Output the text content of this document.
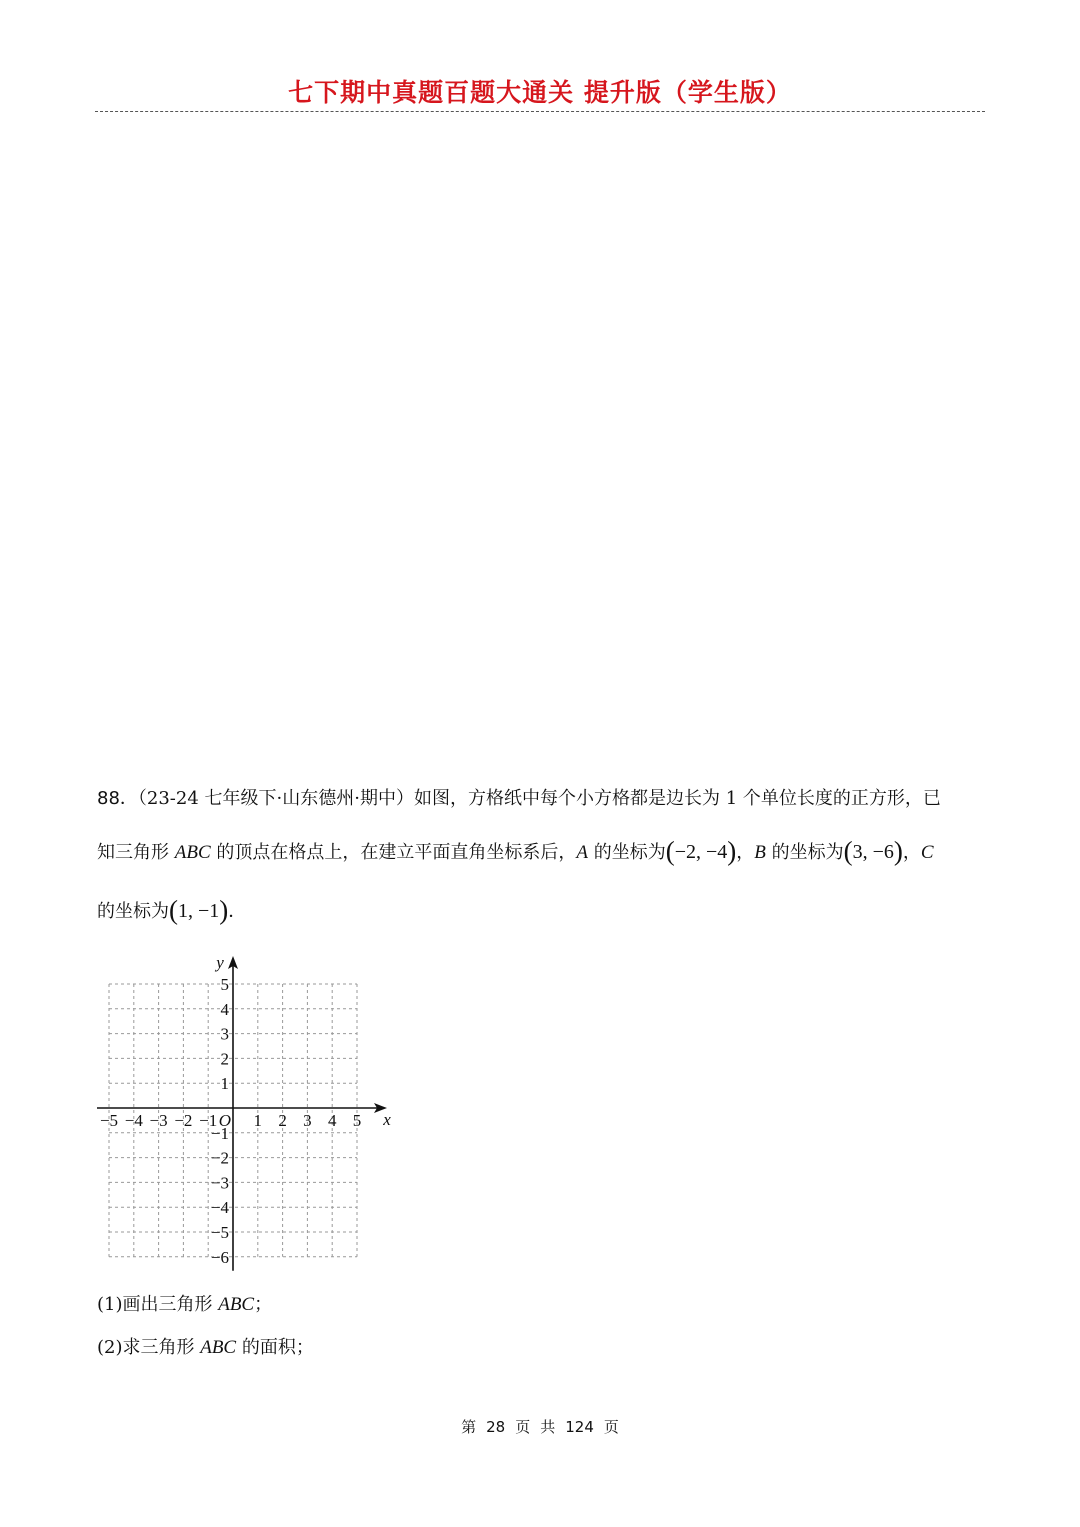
七下期中真题百题大通关 提升版（学生版）
88．（23-24 七年级下·山东德州·期中）如图，方格纸中每个小方格都是边长为 1 个单位长度的正方形，已
知三角形 ABC 的顶点在格点上，在建立平面直角坐标系后，A 的坐标为(−2, −4)，B 的坐标为(3, −6)，C
的坐标为(1, −1)．
−5 −4 −3 −2 −1 1 2 3 4 5
5
4
3
2
1
−1
−2
−3
−4
−5
−6
O	x
y
(1)画出三角形 ABC；
(2)求三角形 ABC 的面积；
第 28 页 共 124 页
